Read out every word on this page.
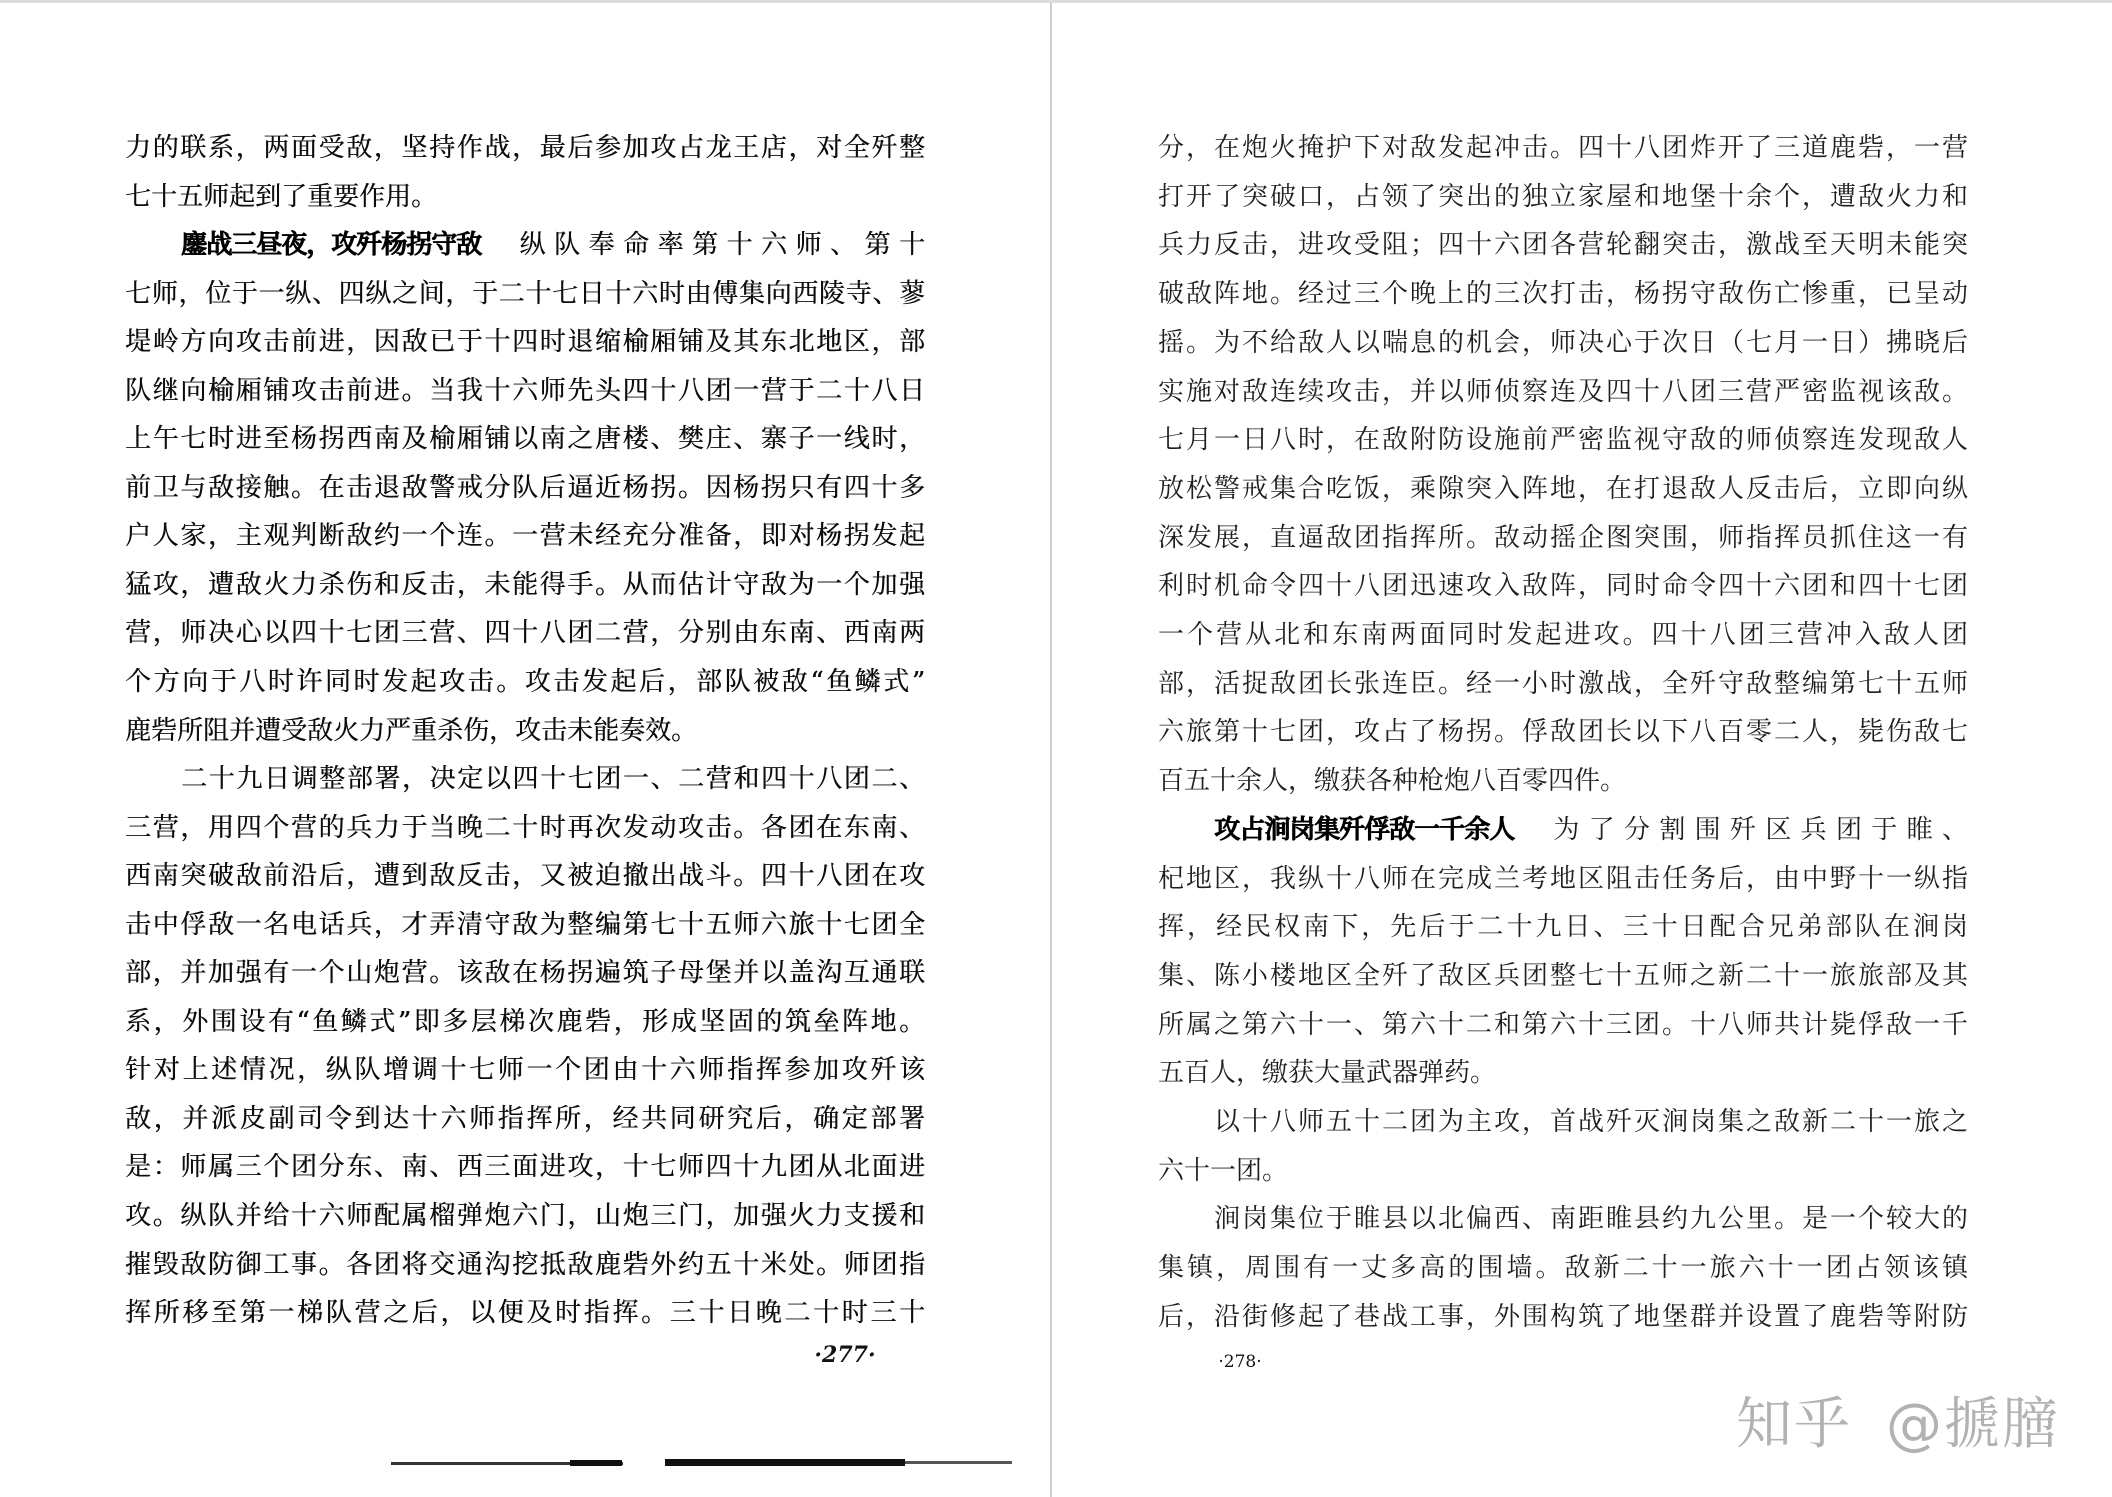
力的联系，两面受敌，坚持作战，最后参加攻占龙王店，对全歼整
七十五师起到了重要作用。
鏖战三昼夜，攻歼杨拐守敌 纵队奉命率第十六师、第十
七师，位于一纵、四纵之间，于二十七日十六时由傅集向西陵寺、蓼
堤岭方向攻击前进，因敌已于十四时退缩榆厢铺及其东北地区，部
队继向榆厢铺攻击前进。当我十六师先头四十八团一营于二十八日
上午七时进至杨拐西南及榆厢铺以南之唐楼、樊庄、寨子一线时，
前卫与敌接触。在击退敌警戒分队后逼近杨拐。因杨拐只有四十多
户人家，主观判断敌约一个连。一营未经充分准备，即对杨拐发起
猛攻，遭敌火力杀伤和反击，未能得手。从而估计守敌为一个加强
营，师决心以四十七团三营、四十八团二营，分别由东南、西南两
个方向于八时许同时发起攻击。攻击发起后，部队被敌“鱼鳞式”
鹿砦所阻并遭受敌火力严重杀伤，攻击未能奏效。
二十九日调整部署，决定以四十七团一、二营和四十八团二、
三营，用四个营的兵力于当晚二十时再次发动攻击。各团在东南、
西南突破敌前沿后，遭到敌反击，又被迫撤出战斗。四十八团在攻
击中俘敌一名电话兵，才弄清守敌为整编第七十五师六旅十七团全
部，并加强有一个山炮营。该敌在杨拐遍筑子母堡并以盖沟互通联
系，外围设有“鱼鳞式”即多层梯次鹿砦，形成坚固的筑垒阵地。
针对上述情况，纵队增调十七师一个团由十六师指挥参加攻歼该
敌，并派皮副司令到达十六师指挥所，经共同研究后，确定部署
是：师属三个团分东、南、西三面进攻，十七师四十九团从北面进
攻。纵队并给十六师配属榴弹炮六门，山炮三门，加强火力支援和
摧毁敌防御工事。各团将交通沟挖抵敌鹿砦外约五十米处。师团指
挥所移至第一梯队营之后，以便及时指挥。三十日晚二十时三十
·277·
分，在炮火掩护下对敌发起冲击。四十八团炸开了三道鹿砦，一营
打开了突破口，占领了突出的独立家屋和地堡十余个，遭敌火力和
兵力反击，进攻受阻；四十六团各营轮翻突击，激战至天明未能突
破敌阵地。经过三个晚上的三次打击，杨拐守敌伤亡惨重，已呈动
摇。为不给敌人以喘息的机会，师决心于次日（七月一日）拂晓后
实施对敌连续攻击，并以师侦察连及四十八团三营严密监视该敌。
七月一日八时，在敌附防设施前严密监视守敌的师侦察连发现敌人
放松警戒集合吃饭，乘隙突入阵地，在打退敌人反击后，立即向纵
深发展，直逼敌团指挥所。敌动摇企图突围，师指挥员抓住这一有
利时机命令四十八团迅速攻入敌阵，同时命令四十六团和四十七团
一个营从北和东南两面同时发起进攻。四十八团三营冲入敌人团
部，活捉敌团长张连臣。经一小时激战，全歼守敌整编第七十五师
六旅第十七团，攻占了杨拐。俘敌团长以下八百零二人，毙伤敌七
百五十余人，缴获各种枪炮八百零四件。
攻占涧岗集歼俘敌一千余人 为了分割围歼区兵团于睢、
杞地区，我纵十八师在完成兰考地区阻击任务后，由中野十一纵指
挥，经民权南下，先后于二十九日、三十日配合兄弟部队在涧岗
集、陈小楼地区全歼了敌区兵团整七十五师之新二十一旅旅部及其
所属之第六十一、第六十二和第六十三团。十八师共计毙俘敌一千
五百人，缴获大量武器弹药。
以十八师五十二团为主攻，首战歼灭涧岗集之敌新二十一旅之
六十一团。
涧岗集位于睢县以北偏西、南距睢县约九公里。是一个较大的
集镇，周围有一丈多高的围墙。敌新二十一旅六十一团占领该镇
后，沿街修起了巷战工事，外围构筑了地堡群并设置了鹿砦等附防
·278·
知乎 @搋膪
